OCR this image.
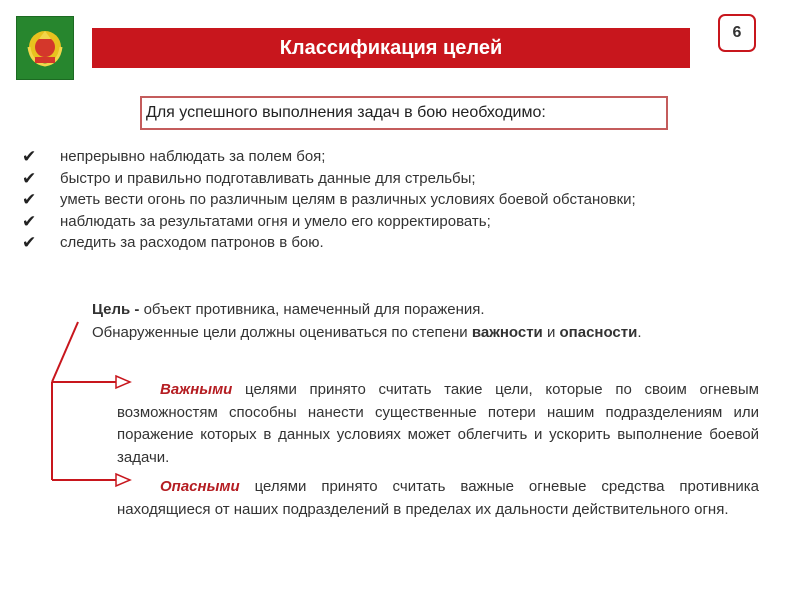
Классификация целей
6
Для успешного выполнения задач в бою необходимо:
✔	непрерывно наблюдать за полем боя;
✔	быстро и правильно подготавливать данные для стрельбы;
✔	уметь вести огонь по различным целям в различных условиях боевой обстановки;
✔	наблюдать за результатами огня и умело его корректировать;
✔	следить за расходом патронов в бою.

Цель - объект противника, намеченный для поражения.

Обнаруженные цели должны оцениваться по степени важности и опасности.

Важными целями принято считать такие цели, которые по своим огневым возможностям способны нанести существенные потери нашим подразделениям или поражение которых в данных условиях может облегчить и ускорить выполнение боевой задачи.
Опасными целями принято считать важные огневые средства противника находящиеся от наших подразделений в пределах их дальности действительного огня.
